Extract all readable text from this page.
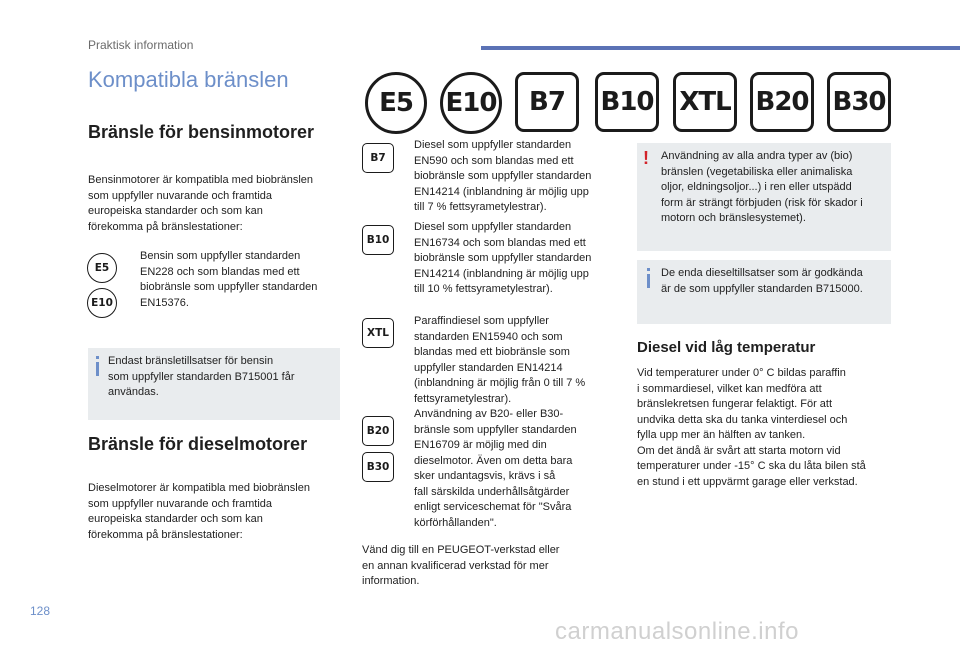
Praktisk information
Kompatibla bränslen
E5	E10	B7	B10 XTL B20 B30
Bränsle för bensinmotorer
Bensinmotorer är kompatibla med biobränslen
som uppfyller nuvarande och framtida
europeiska standarder och som kan
förekomma på bränslestationer:
E5
E10
Bensin som uppfyller standarden
EN228 och som blandas med ett
biobränsle som uppfyller standarden
EN15376.
Endast bränsletillsatser för bensin
som uppfyller standarden B715001 får
användas.
Bränsle för dieselmotorer
Dieselmotorer är kompatibla med biobränslen
som uppfyller nuvarande och framtida
europeiska standarder och som kan
förekomma på bränslestationer:
B7
Diesel som uppfyller standarden
EN590 och som blandas med ett
biobränsle som uppfyller standarden
EN14214 (inblandning är möjlig upp
till 7 % fettsyrametylestrar).
B10
Diesel som uppfyller standarden
EN16734 och som blandas med ett
biobränsle som uppfyller standarden
EN14214 (inblandning är möjlig upp
till 10 % fettsyrametylestrar).
XTL
Paraffindiesel som uppfyller
standarden EN15940 och som
blandas med ett biobränsle som
uppfyller standarden EN14214
(inblandning är möjlig från 0 till 7 %
fettsyrametylestrar).
B20
B30
Användning av B20- eller B30-
bränsle som uppfyller standarden
EN16709 är möjlig med din
dieselmotor. Även om detta bara
sker undantagsvis, krävs i så
fall särskilda underhållsåtgärder
enligt serviceschemat för "Svåra
körförhållanden".
Vänd dig till en PEUGEOT-verkstad eller
en annan kvalificerad verkstad för mer
information.
! Användning av alla andra typer av (bio)
bränslen (vegetabiliska eller animaliska
oljor, eldningsoljor...) i ren eller utspädd
form är strängt förbjuden (risk för skador i
motorn och bränslesystemet).
De enda dieseltillsatser som är godkända
är de som uppfyller standarden B715000.
Diesel vid låg temperatur
Vid temperaturer under 0° C bildas paraffin
i sommardiesel, vilket kan medföra att
bränslekretsen fungerar felaktigt. För att
undvika detta ska du tanka vinterdiesel och
fylla upp mer än hälften av tanken.
Om det ändå är svårt att starta motorn vid
temperaturer under -15° C ska du låta bilen stå
en stund i ett uppvärmt garage eller verkstad.
128
carmanualsonline.info
